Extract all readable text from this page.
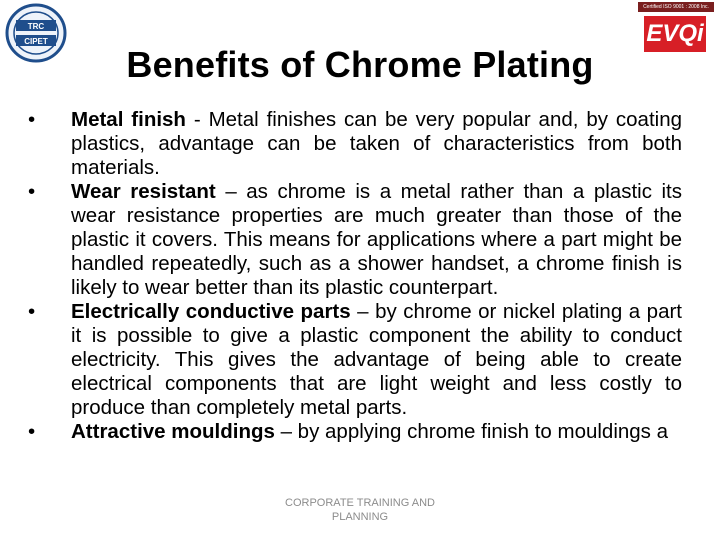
TRC
CIPET
Certified ISO 9001 : 2008 Inc.
EVQi
Benefits of Chrome Plating
• Metal finish - Metal finishes can be very popular and, by coating plastics, advantage can be taken of characteristics from both materials.
• Wear resistant – as chrome is a metal rather than a plastic its wear resistance properties are much greater than those of the plastic it covers. This means for applications where a part might be handled repeatedly, such as a shower handset, a chrome finish is likely to wear better than its plastic counterpart.
• Electrically conductive parts – by chrome or nickel plating a part it is possible to give a plastic component the ability to conduct electricity. This gives the advantage of being able to create electrical components that are light weight and less costly to produce than completely metal parts.
• Attractive mouldings – by applying chrome finish to mouldings a
CORPORATE TRAINING AND
PLANNING
